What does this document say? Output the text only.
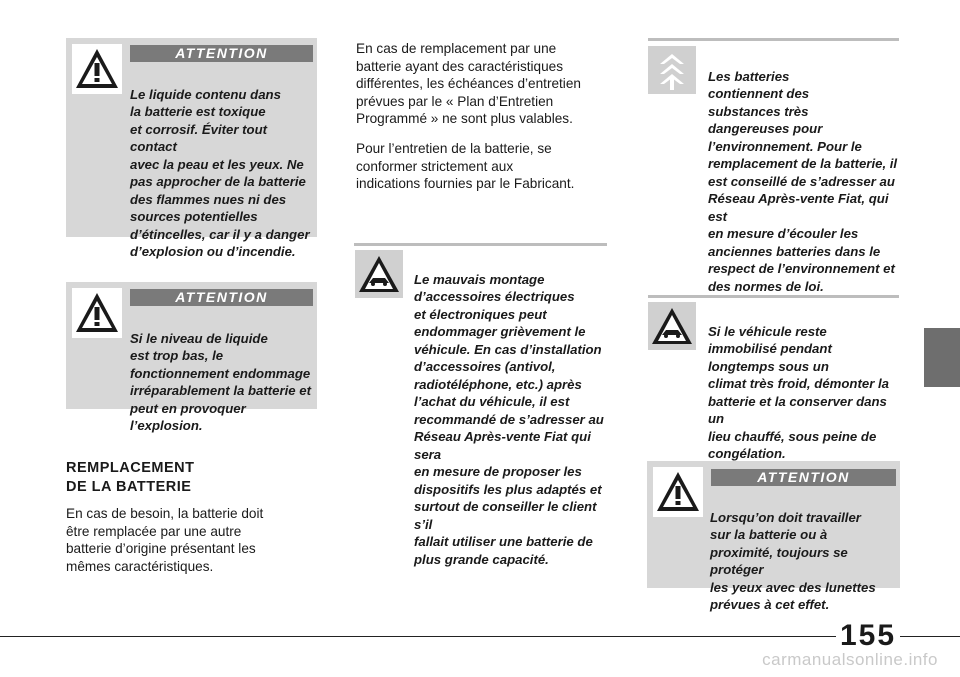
ATTENTION

Le liquide contenu dans
la batterie est toxique
et corrosif. Éviter tout contact
avec la peau et les yeux. Ne
pas approcher de la batterie
des flammes nues ni des
sources potentielles
d’étincelles, car il y a danger
d’explosion ou d’incendie.

ATTENTION

Si le niveau de liquide
est trop bas, le
fonctionnement endommage
irréparablement la batterie et
peut en provoquer l’explosion.

REMPLACEMENT
DE LA BATTERIE
En cas de besoin, la batterie doit
être remplacée par une autre
batterie d’origine présentant les
mêmes caractéristiques.
En cas de remplacement par une
batterie ayant des caractéristiques
différentes, les échéances d’entretien
prévues par le « Plan d’Entretien
Programmé » ne sont plus valables.
Pour l’entretien de la batterie, se
conformer strictement aux
indications fournies par le Fabricant.

Le mauvais montage
d’accessoires électriques
et électroniques peut
endommager grièvement le
véhicule. En cas d’installation
d’accessoires (antivol,
radiotéléphone, etc.) après
l’achat du véhicule, il est
recommandé de s’adresser au
Réseau Après-vente Fiat qui sera
en mesure de proposer les
dispositifs les plus adaptés et
surtout de conseiller le client s’il
fallait utiliser une batterie de
plus grande capacité.

Les batteries
contiennent des
substances très
dangereuses pour
l’environnement. Pour le
remplacement de la batterie, il
est conseillé de s’adresser au
Réseau Après-vente Fiat, qui est
en mesure d’écouler les
anciennes batteries dans le
respect de l’environnement et
des normes de loi.

Si le véhicule reste
immobilisé pendant
longtemps sous un
climat très froid, démonter la
batterie et la conserver dans un
lieu chauffé, sous peine de
congélation.

ATTENTION

Lorsqu’on doit travailler
sur la batterie ou à
proximité, toujours se protéger
les yeux avec des lunettes
prévues à cet effet.

155
carmanualsonline.info
